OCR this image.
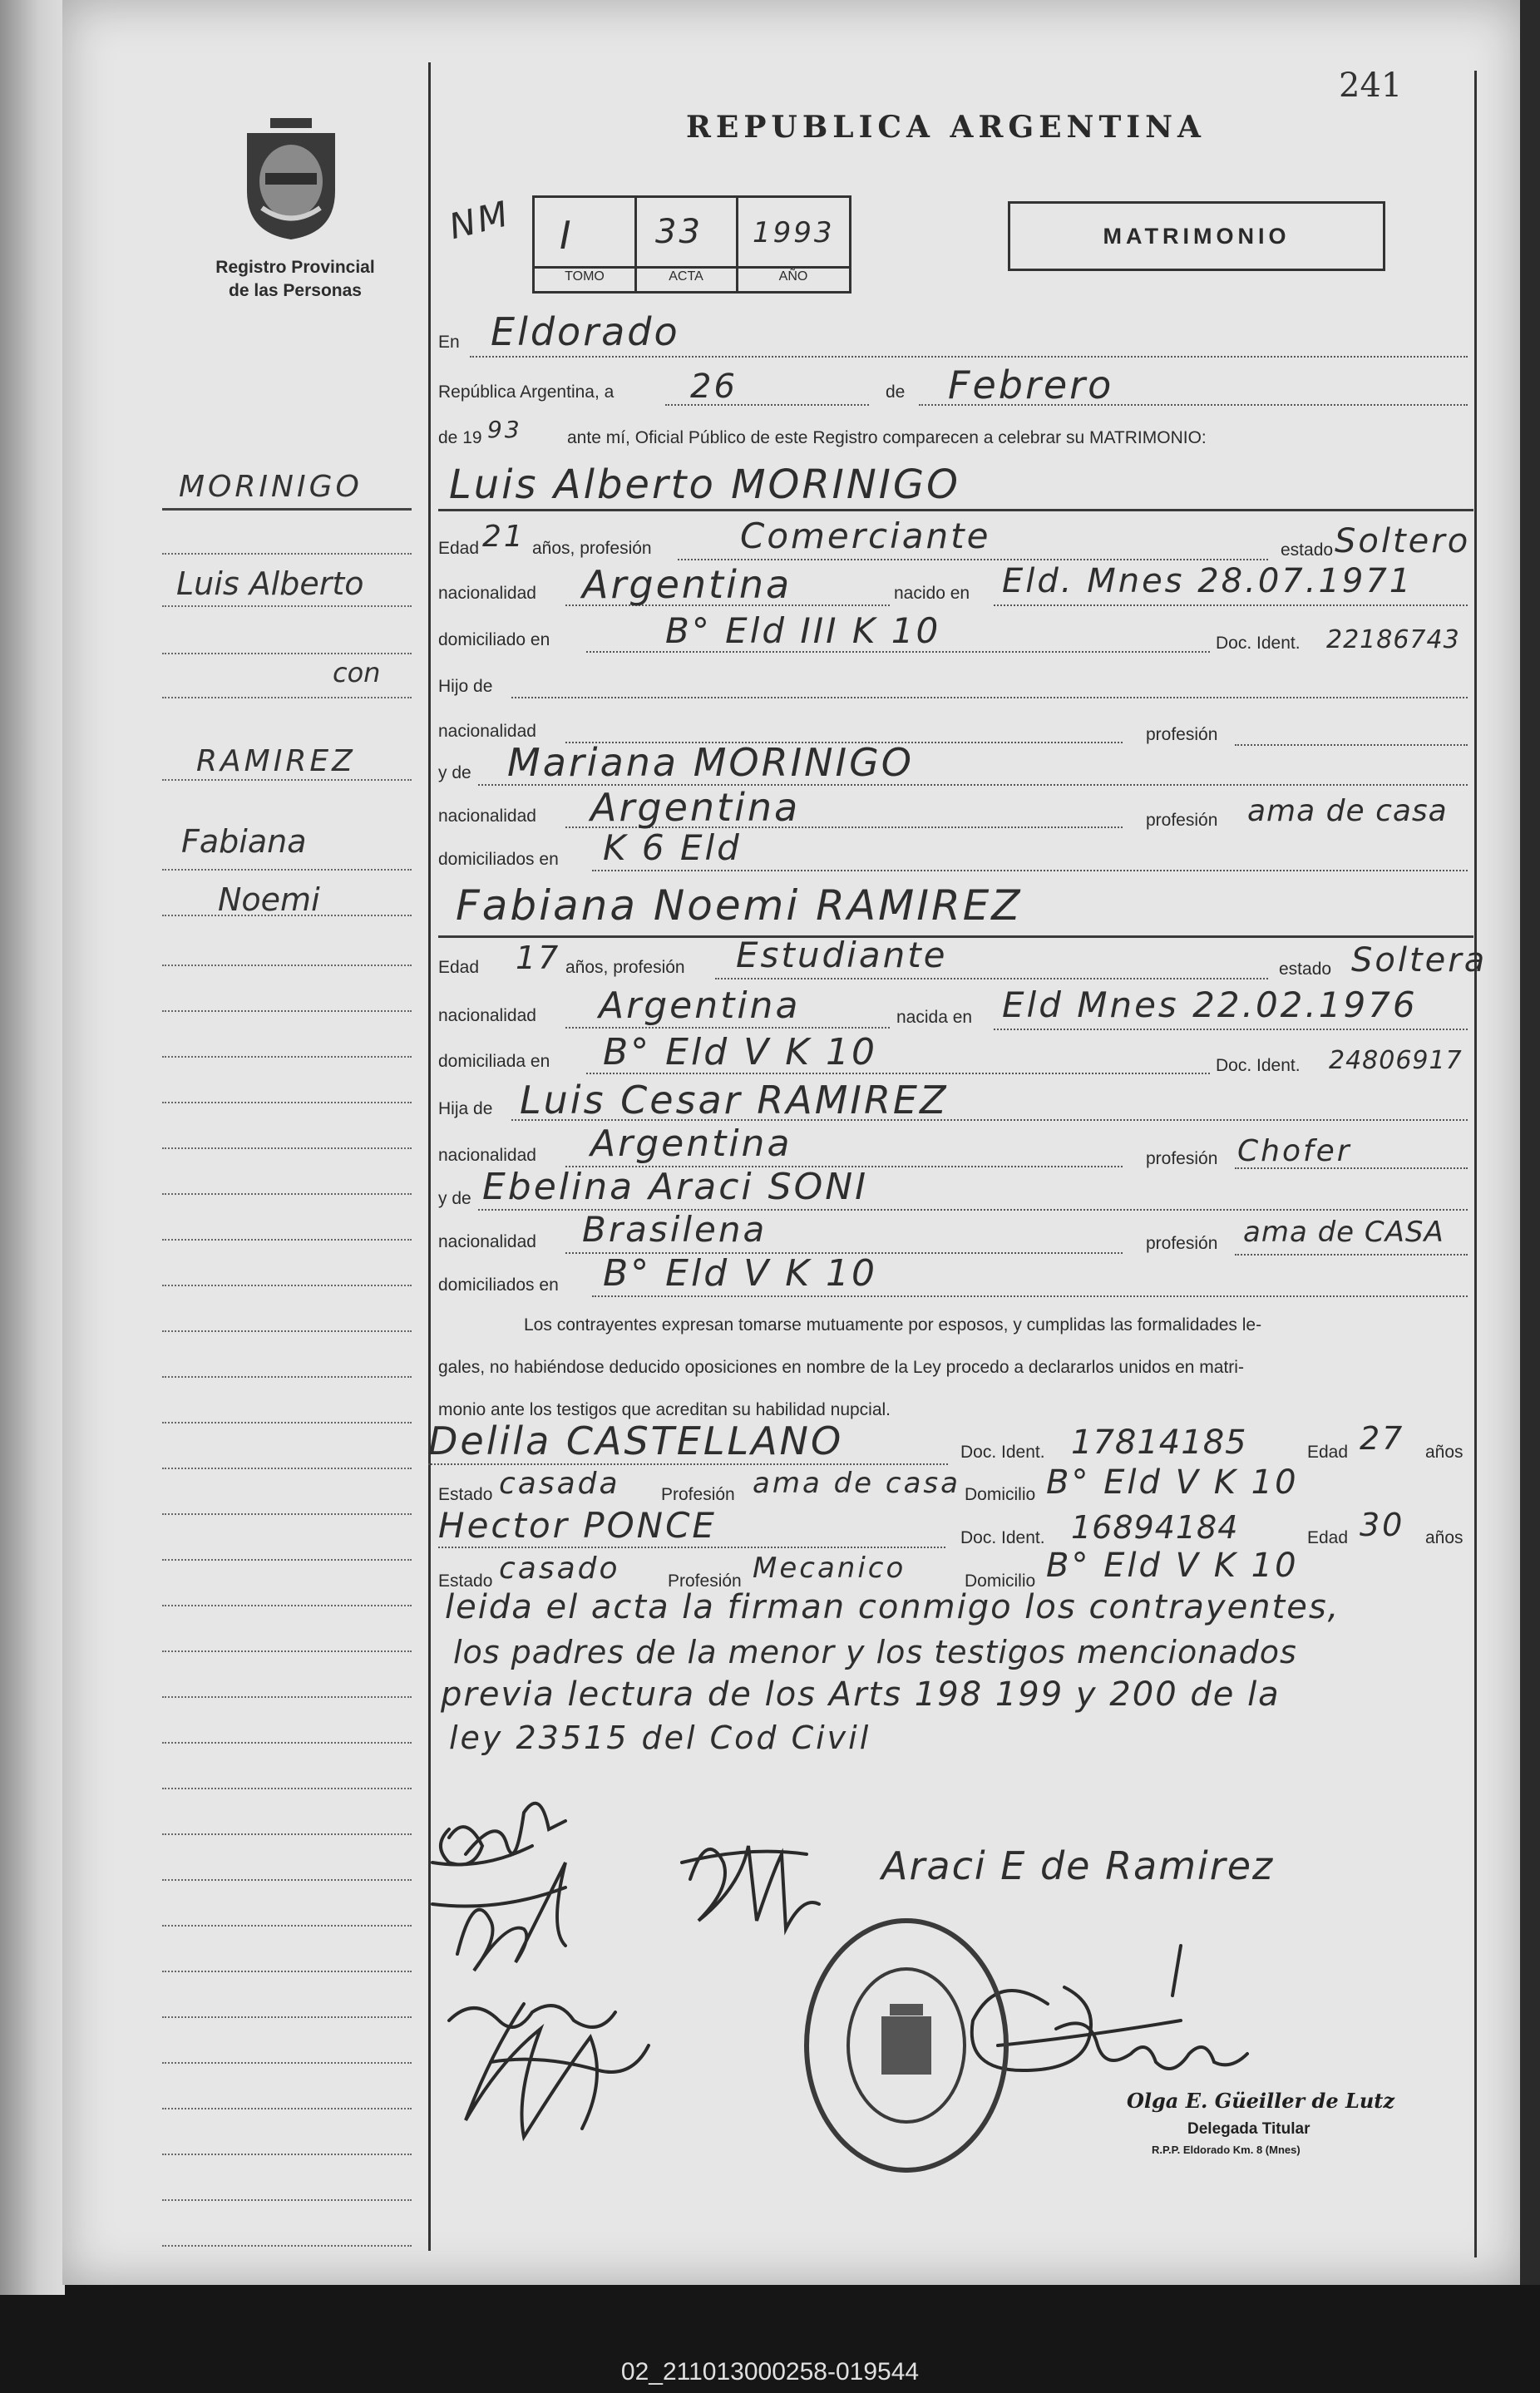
241
Registro Provincial
de las Personas
REPUBLICA ARGENTINA
MATRIMONIO
NM I 33 1993
TOMO	ACTA	AÑO
MORINIGO
Luis Alberto
con
RAMIREZ
Fabiana
Noemi
En Eldorado
República Argentina, a 26	de Febrero
de 19 93	ante mí, Oficial Público de este Registro comparecen a celebrar su MATRIMONIO:
Luis Alberto MORINIGO
Edad 21 años, profesión	Comerciante	estado Soltero
nacionalidad Argentina	nacido en Eld. Mnes 28.07.1971
domiciliado en	B° Eld III K 10	Doc. Ident. 22186743
Hijo de
nacionalidad	profesión
y de Mariana MORINIGO
nacionalidad Argentina	profesión ama de casa
domiciliados en K 6 Eld
Fabiana Noemi RAMIREZ
Edad 17 años, profesión Estudiante	estado Soltera
nacionalidad Argentina	nacida en Eld Mnes 22.02.1976
domiciliada en B° Eld V K 10	Doc. Ident. 24806917
Hija de Luis Cesar RAMIREZ
nacionalidad Argentina	profesión Chofer
y de Ebelina Araci SONI
nacionalidad Brasilena	profesión ama de CASA
domiciliados en B° Eld V K 10
Los contrayentes expresan tomarse mutuamente por esposos, y cumplidas las formalidades le-
gales, no habiéndose deducido oposiciones en nombre de la Ley procedo a declararlos unidos en matri-
monio ante los testigos que acreditan su habilidad nupcial.
Delila CASTELLANO	Doc. Ident. 17814185	Edad 27 años
Estado casada Profesión ama de casa Domicilio B° Eld V K 10
Hector PONCE	Doc. Ident. 16894184	Edad 30 años
Estado casado	Profesión Mecanico	Domicilio B° Eld V K 10
leida el acta la firman conmigo los contrayentes,
los padres de la menor y los testigos mencionados
previa lectura de los Arts 198 199 y 200 de la
ley 23515 del Cod Civil
Araci E de Ramirez
Olga E. Güeiller de Lutz
Delegada Titular
R.P.P. Eldorado Km. 8 (Mnes)
02_211013000258-019544
